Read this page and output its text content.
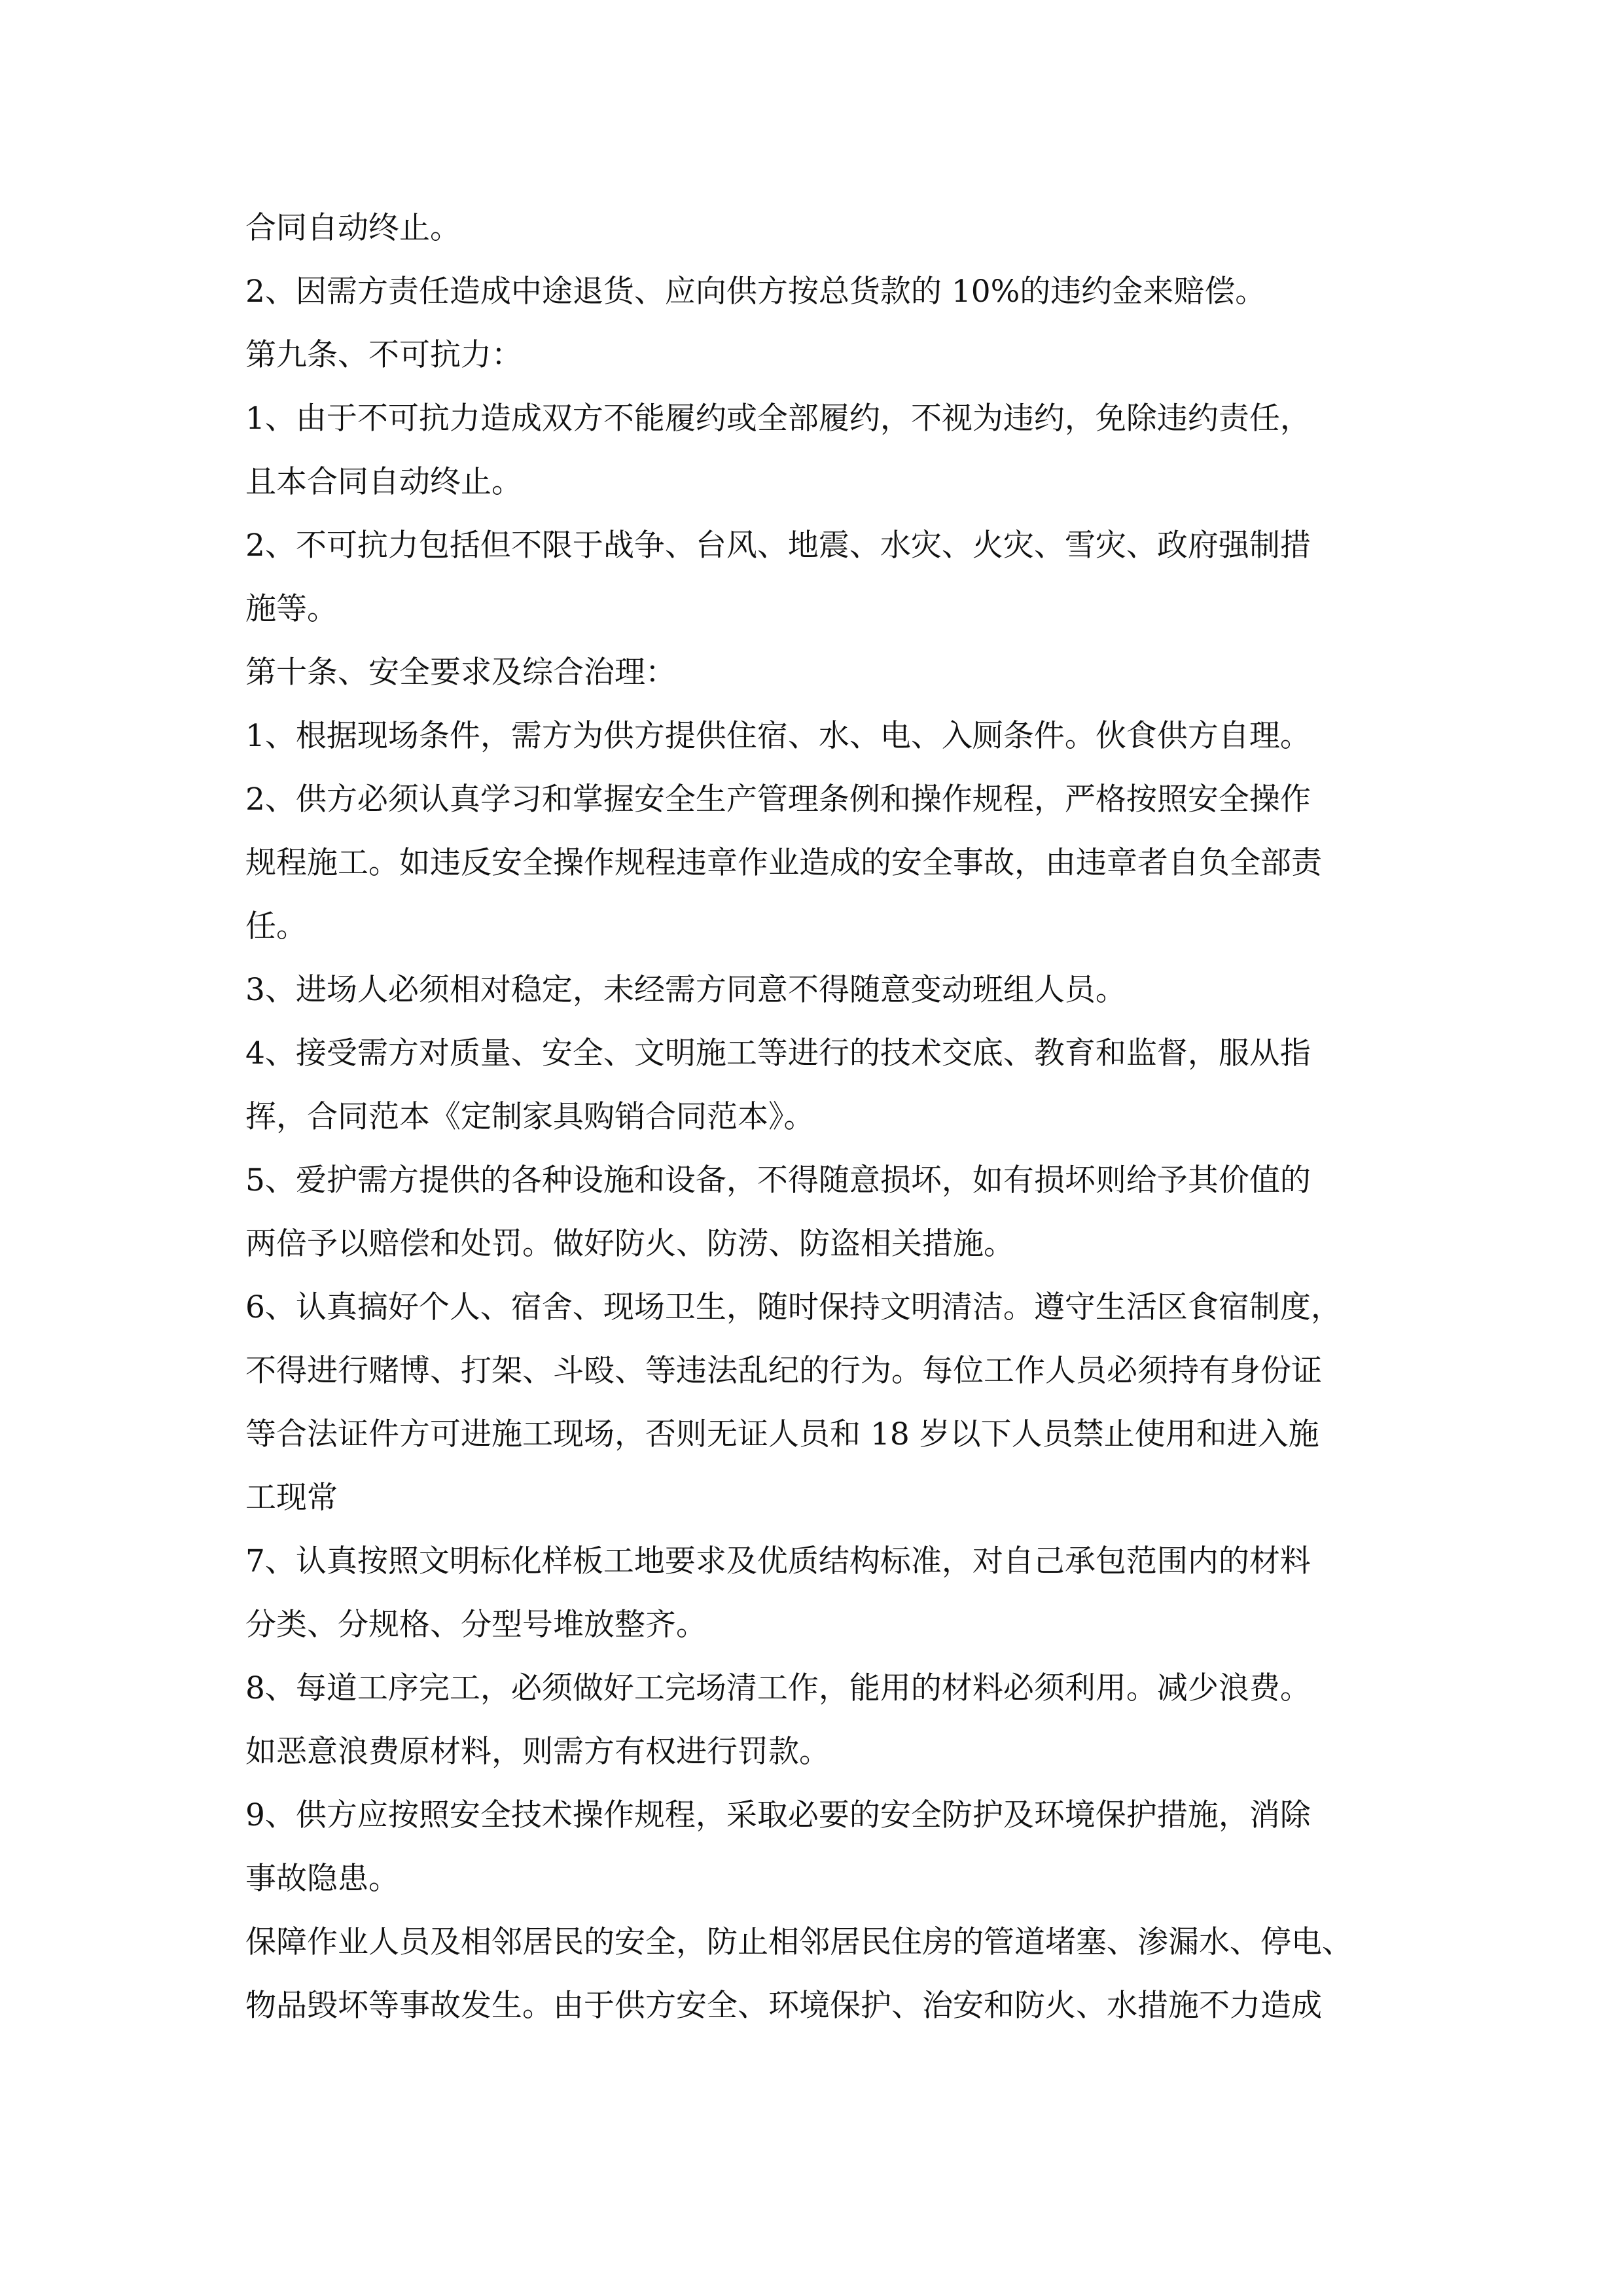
合同自动终止。
2、因需方责任造成中途退货、应向供方按总货款的 10%的违约金来赔偿。
第九条、不可抗力：
1、由于不可抗力造成双方不能履约或全部履约，不视为违约，免除违约责任，
且本合同自动终止。
2、不可抗力包括但不限于战争、台风、地震、水灾、火灾、雪灾、政府强制措
施等。
第十条、安全要求及综合治理：
1、根据现场条件，需方为供方提供住宿、水、电、入厕条件。伙食供方自理。
2、供方必须认真学习和掌握安全生产管理条例和操作规程，严格按照安全操作
规程施工。如违反安全操作规程违章作业造成的安全事故，由违章者自负全部责
任。
3、进场人必须相对稳定，未经需方同意不得随意变动班组人员。
4、接受需方对质量、安全、文明施工等进行的技术交底、教育和监督，服从指
挥，合同范本《定制家具购销合同范本》。
5、爱护需方提供的各种设施和设备，不得随意损坏，如有损坏则给予其价值的
两倍予以赔偿和处罚。做好防火、防涝、防盗相关措施。
6、认真搞好个人、宿舍、现场卫生，随时保持文明清洁。遵守生活区食宿制度，
不得进行赌博、打架、斗殴、等违法乱纪的行为。每位工作人员必须持有身份证
等合法证件方可进施工现场，否则无证人员和 18 岁以下人员禁止使用和进入施
工现常
7、认真按照文明标化样板工地要求及优质结构标准，对自己承包范围内的材料
分类、分规格、分型号堆放整齐。
8、每道工序完工，必须做好工完场清工作，能用的材料必须利用。减少浪费。
如恶意浪费原材料，则需方有权进行罚款。
9、供方应按照安全技术操作规程，采取必要的安全防护及环境保护措施，消除
事故隐患。
保障作业人员及相邻居民的安全，防止相邻居民住房的管道堵塞、渗漏水、停电、
物品毁坏等事故发生。由于供方安全、环境保护、治安和防火、水措施不力造成
